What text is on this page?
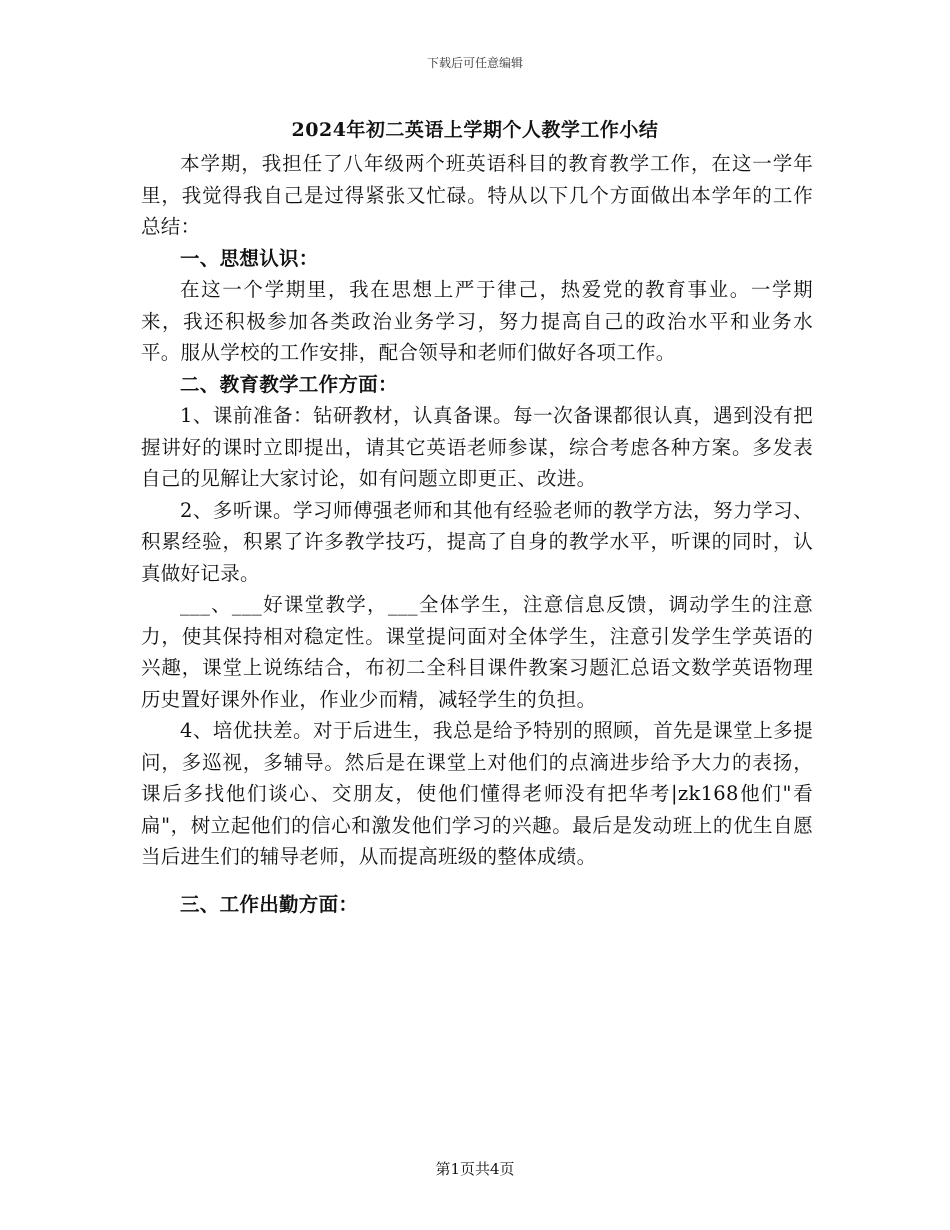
下载后可任意编辑
2024年初二英语上学期个人教学工作小结

本学期，我担任了八年级两个班英语科目的教育教学工作，在这一学年里，我觉得我自己是过得紧张又忙碌。特从以下几个方面做出本学年的工作总结：

一、思想认识：

在这一个学期里，我在思想上严于律己，热爱党的教育事业。一学期来，我还积极参加各类政治业务学习，努力提高自己的政治水平和业务水平。服从学校的工作安排，配合领导和老师们做好各项工作。

二、教育教学工作方面：

1、课前准备：钻研教材，认真备课。每一次备课都很认真，遇到没有把握讲好的课时立即提出，请其它英语老师参谋，综合考虑各种方案。多发表自己的见解让大家讨论，如有问题立即更正、改进。

2、多听课。学习师傅强老师和其他有经验老师的教学方法，努力学习、积累经验，积累了许多教学技巧，提高了自身的教学水平，听课的同时，认真做好记录。

___、___好课堂教学，___全体学生，注意信息反馈，调动学生的注意力，使其保持相对稳定性。课堂提问面对全体学生，注意引发学生学英语的兴趣，课堂上说练结合，布初二全科目课件教案习题汇总语文数学英语物理历史置好课外作业，作业少而精，减轻学生的负担。

4、培优扶差。对于后进生，我总是给予特别的照顾，首先是课堂上多提问，多巡视，多辅导。然后是在课堂上对他们的点滴进步给予大力的表扬，课后多找他们谈心、交朋友，使他们懂得老师没有把华考|zk168他们"看扁"，树立起他们的信心和激发他们学习的兴趣。最后是发动班上的优生自愿当后进生们的辅导老师，从而提高班级的整体成绩。

三、工作出勤方面：

第1页共4页
